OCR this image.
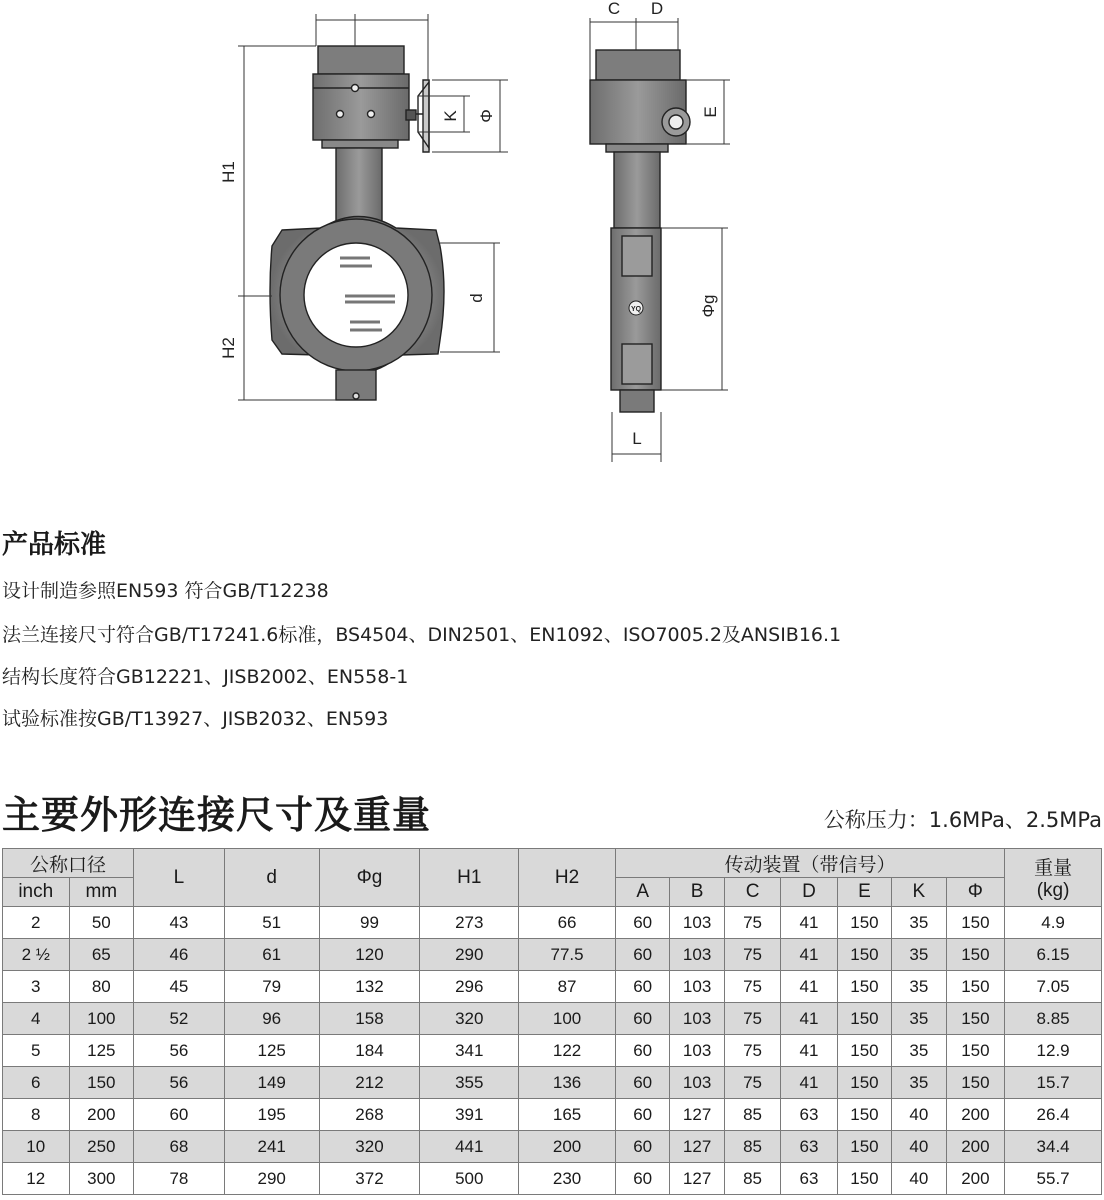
H1
H2
K Φ
d
YQ
C D
E
Φg
L
产品标准
设计制造参照EN593 符合GB/T12238
法兰连接尺寸符合GB/T17241.6标准，BS4504、DIN2501、EN1092、ISO7005.2及ANSIB16.1
结构长度符合GB12221、JISB2002、EN558-1
试验标准按GB/T13927、JISB2032、EN593
主要外形连接尺寸及重量	公称压力：1.6MPa、2.5MPa
公称口径		L	d	Φg	H1	H2	传动装置（带信号）							重量
(kg)

inch	mm						A	B	C	D	E	K	Φ	
2	50	43	51	99	273	66	60	103	75	41	150	35	150	4.9
2 ½	65	46	61	120	290	77.5	60	103	75	41	150	35	150	6.15
3	80	45	79	132	296	87	60	103	75	41	150	35	150	7.05
4	100	52	96	158	320	100	60	103	75	41	150	35	150	8.85
5	125	56	125	184	341	122	60	103	75	41	150	35	150	12.9
6	150	56	149	212	355	136	60	103	75	41	150	35	150	15.7
8	200	60	195	268	391	165	60	127	85	63	150	40	200	26.4
10	250	68	241	320	441	200	60	127	85	63	150	40	200	34.4
12	300	78	290	372	500	230	60	127	85	63	150	40	200	55.7
